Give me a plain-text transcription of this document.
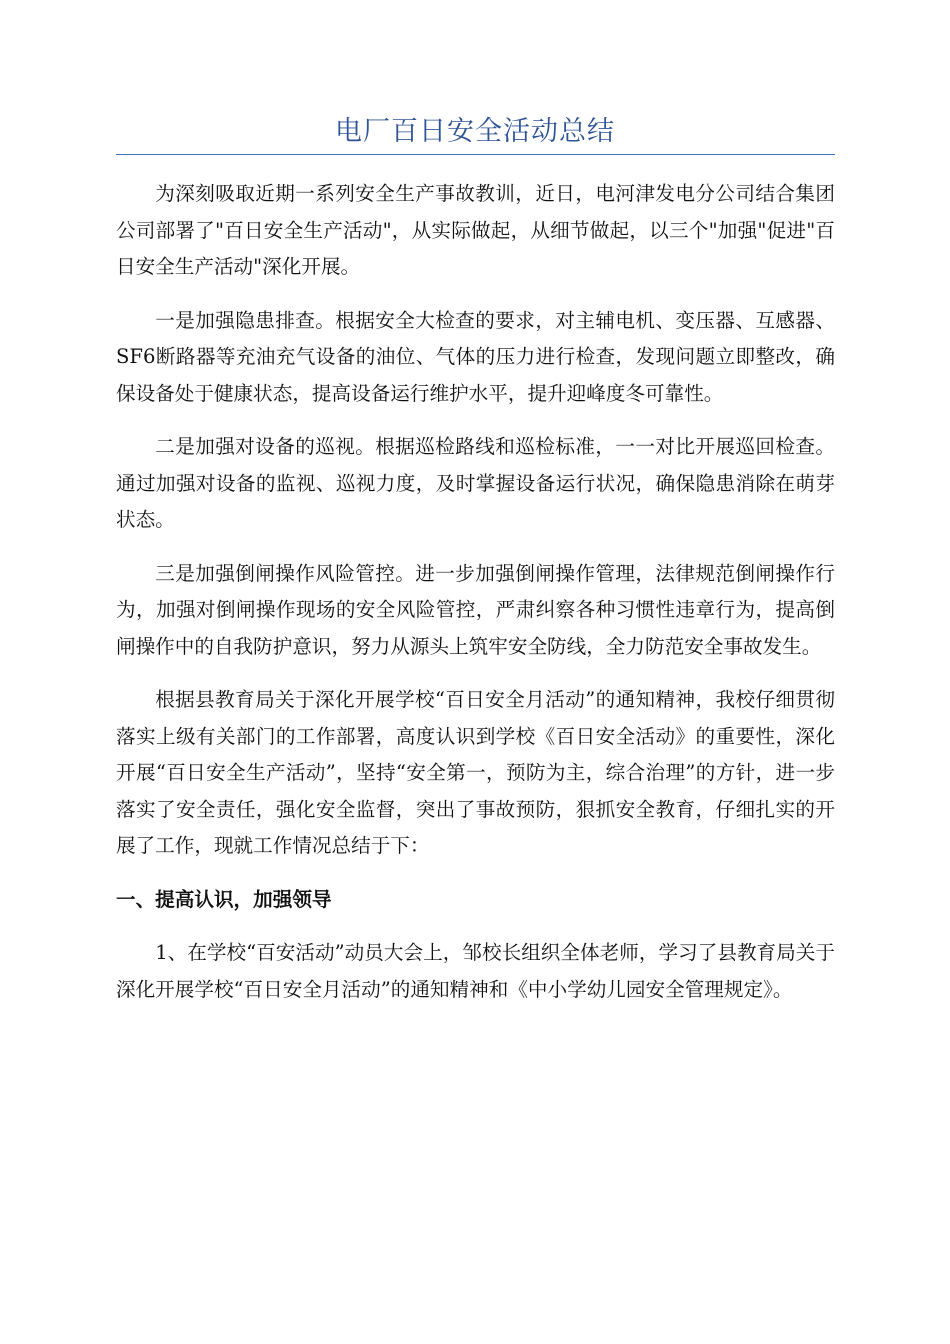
电厂百日安全活动总结

为深刻吸取近期一系列安全生产事故教训，近日，电河津发电分公司结合集团公司部署了"百日安全生产活动"，从实际做起，从细节做起，以三个"加强"促进"百日安全生产活动"深化开展。

一是加强隐患排查。根据安全大检查的要求，对主辅电机、变压器、互感器、SF6断路器等充油充气设备的油位、气体的压力进行检查，发现问题立即整改，确保设备处于健康状态，提高设备运行维护水平，提升迎峰度冬可靠性。

二是加强对设备的巡视。根据巡检路线和巡检标准，一一对比开展巡回检查。通过加强对设备的监视、巡视力度，及时掌握设备运行状况，确保隐患消除在萌芽状态。

三是加强倒闸操作风险管控。进一步加强倒闸操作管理，法律规范倒闸操作行为，加强对倒闸操作现场的安全风险管控，严肃纠察各种习惯性违章行为，提高倒闸操作中的自我防护意识，努力从源头上筑牢安全防线，全力防范安全事故发生。

根据县教育局关于深化开展学校“百日安全月活动”的通知精神，我校仔细贯彻落实上级有关部门的工作部署，高度认识到学校《百日安全活动》的重要性，深化开展“百日安全生产活动”，坚持“安全第一，预防为主，综合治理”的方针，进一步落实了安全责任，强化安全监督，突出了事故预防，狠抓安全教育，仔细扎实的开展了工作，现就工作情况总结于下：

一、提高认识，加强领导

1、在学校“百安活动”动员大会上，邹校长组织全体老师，学习了县教育局关于深化开展学校“百日安全月活动”的通知精神和《中小学幼儿园安全管理规定》。
